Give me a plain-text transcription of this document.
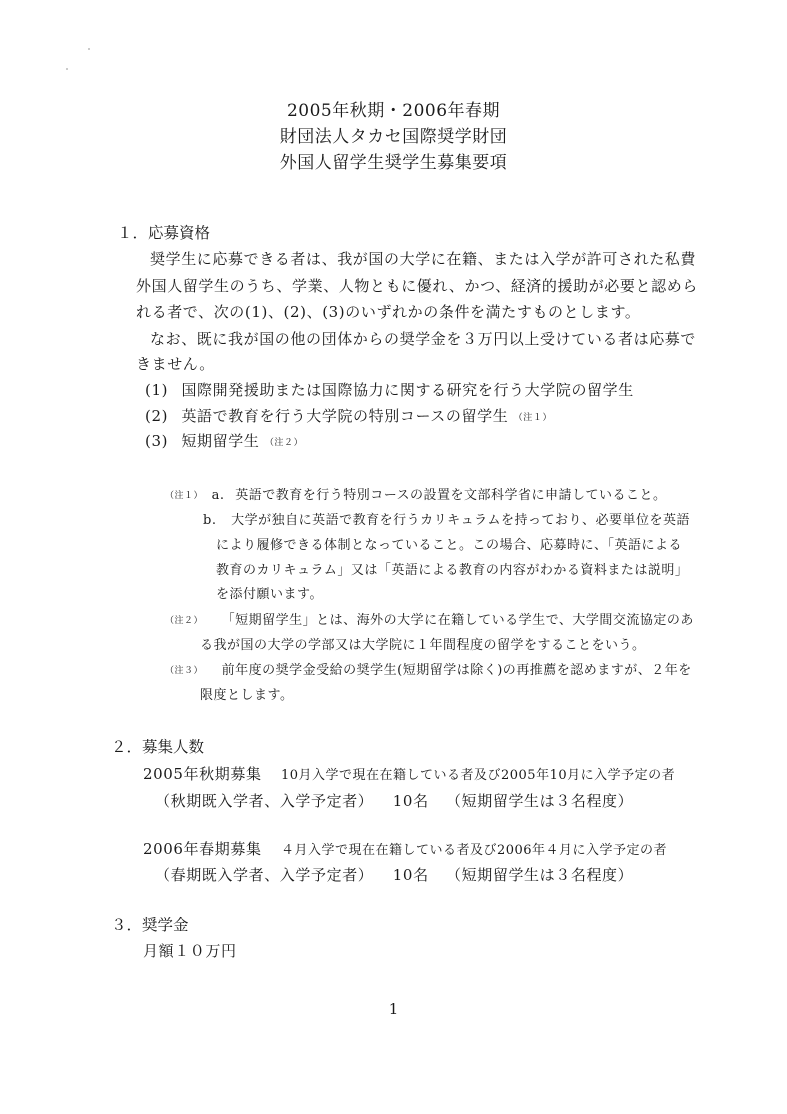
2005年秋期・2006年春期
財団法人タカセ国際奨学財団
外国人留学生奨学生募集要項
１．応募資格
奨学生に応募できる者は、我が国の大学に在籍、または入学が許可された私費
外国人留学生のうち、学業、人物ともに優れ、かつ、経済的援助が必要と認めら
れる者で、次の(1)、(2)、(3)のいずれかの条件を満たすものとします。
なお、既に我が国の他の団体からの奨学金を３万円以上受けている者は応募で
きません。
(1) 国際開発援助または国際協力に関する研究を行う大学院の留学生
(2) 英語で教育を行う大学院の特別コースの留学生 （注１）
(3) 短期留学生 （注２）
（注１） a. 英語で教育を行う特別コースの設置を文部科学省に申請していること。
b. 大学が独自に英語で教育を行うカリキュラムを持っており、必要単位を英語
により履修できる体制となっていること。この場合、応募時に、「英語による
教育のカリキュラム」又は「英語による教育の内容がわかる資料または説明」
を添付願います。
（注２） 「短期留学生」とは、海外の大学に在籍している学生で、大学間交流協定のあ
る我が国の大学の学部又は大学院に１年間程度の留学をすることをいう。
（注３） 前年度の奨学金受給の奨学生(短期留学は除く)の再推薦を認めますが、２年を
限度とします。
２．募集人数
2005年秋期募集 10月入学で現在在籍している者及び2005年10月に入学予定の者
（秋期既入学者、入学予定者） 10名 （短期留学生は３名程度）
2006年春期募集 ４月入学で現在在籍している者及び2006年４月に入学予定の者
（春期既入学者、入学予定者） 10名 （短期留学生は３名程度）
３．奨学金
月額１０万円
1
